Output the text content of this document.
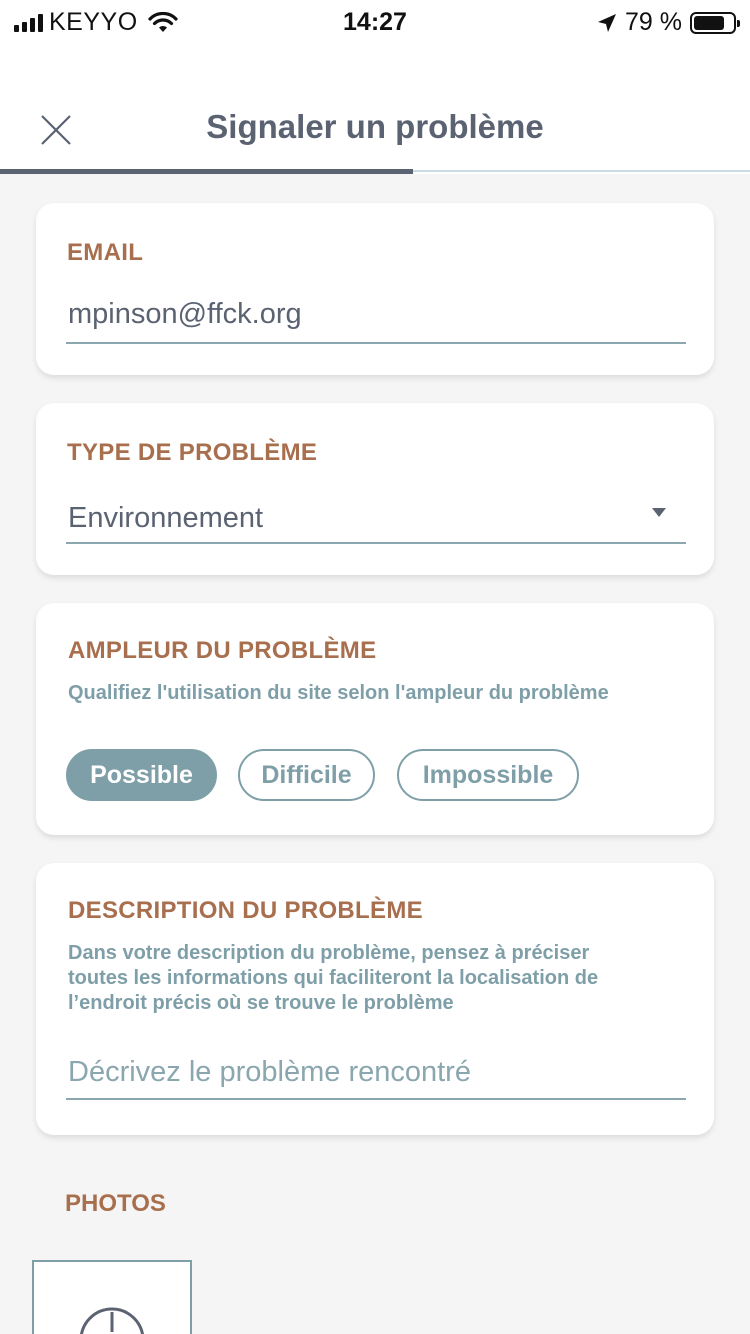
KEYYO	14:27	79 %
Signaler un problème
EMAIL
mpinson@ffck.org
TYPE DE PROBLÈME
Environnement
AMPLEUR DU PROBLÈME
Qualifiez l'utilisation du site selon l'ampleur du problème
Possible	Difficile	Impossible
DESCRIPTION DU PROBLÈME
Dans votre description du problème, pensez à préciser
toutes les informations qui faciliteront la localisation de
l’endroit précis où se trouve le problème
Décrivez le problème rencontré
PHOTOS
